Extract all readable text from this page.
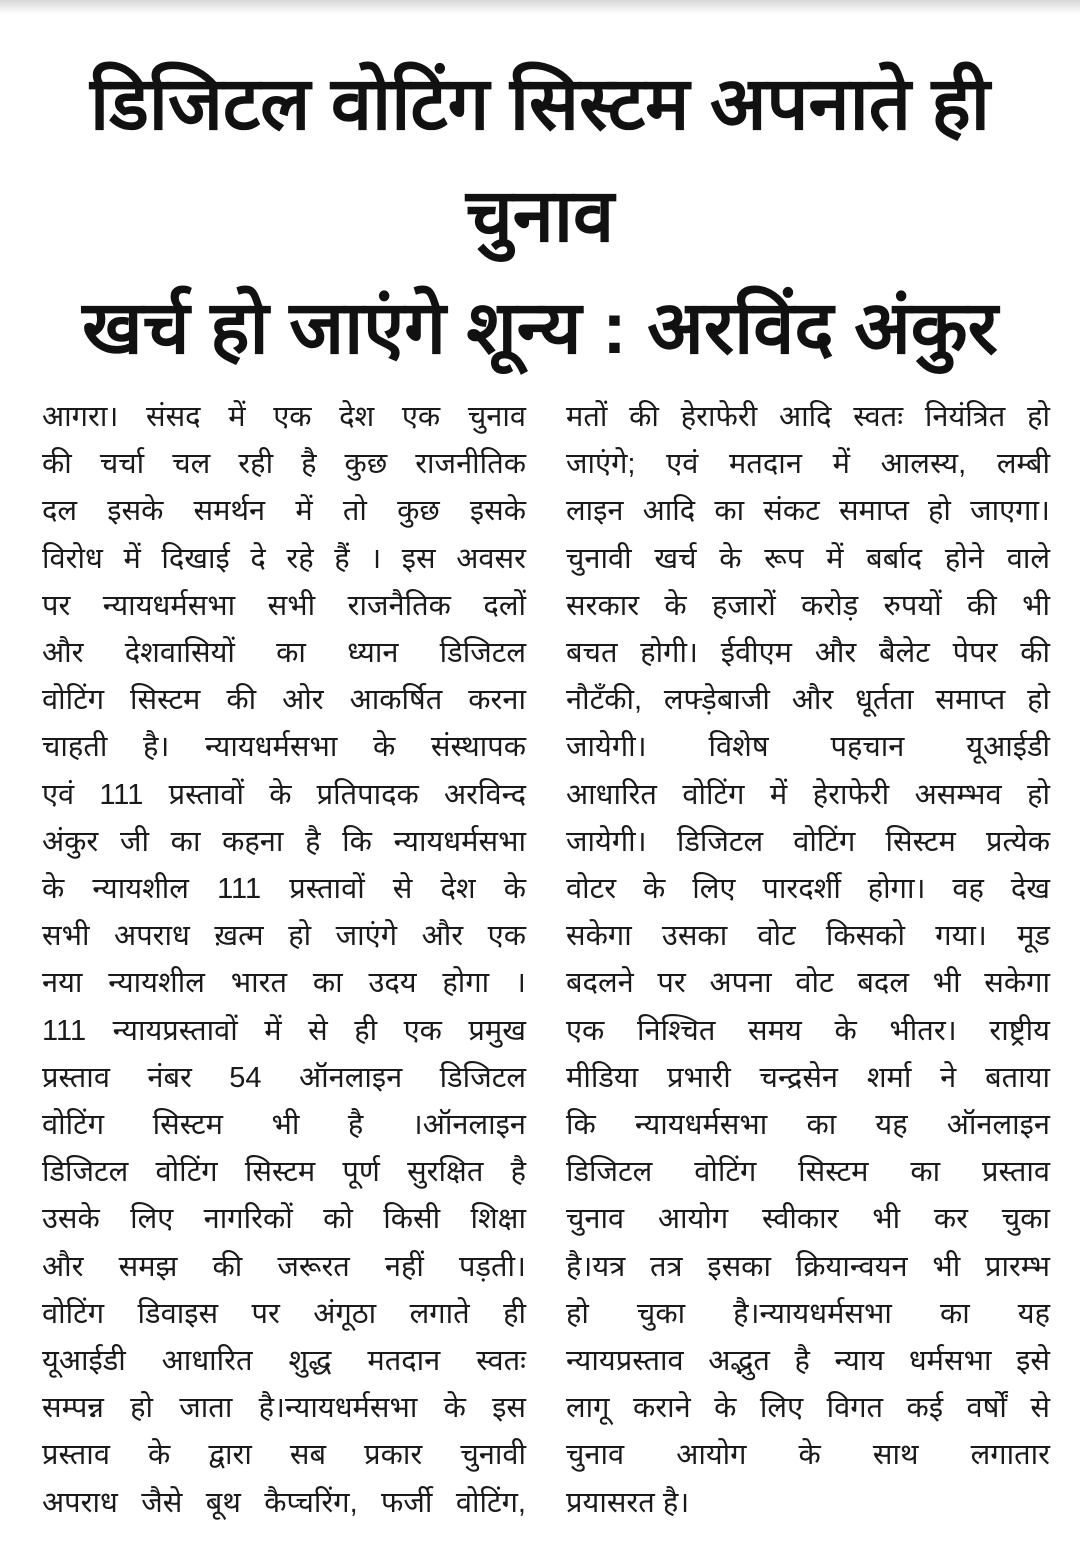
डिजिटल वोटिंग सिस्टम अपनाते ही चुनाव
खर्च हो जाएंगे शून्य : अरविंद अंकुर
आगरा। संसद में एक देश एक चुनाव
की चर्चा चल रही है कुछ राजनीतिक
दल इसके समर्थन में तो कुछ इसके
विरोध में दिखाई दे रहे हैं । इस अवसर
पर न्यायधर्मसभा सभी राजनैतिक दलों
और देशवासियों का ध्यान डिजिटल
वोटिंग सिस्टम की ओर आकर्षित करना
चाहती है। न्यायधर्मसभा के संस्थापक
एवं 111 प्रस्तावों के प्रतिपादक अरविन्द
अंकुर जी का कहना है कि न्यायधर्मसभा
के न्यायशील 111 प्रस्तावों से देश के
सभी अपराध ख़त्म हो जाएंगे और एक
नया न्यायशील भारत का उदय होगा ।
111 न्यायप्रस्तावों में से ही एक प्रमुख
प्रस्ताव नंबर 54 ऑनलाइन डिजिटल
वोटिंग सिस्टम भी है ।ऑनलाइन
डिजिटल वोटिंग सिस्टम पूर्ण सुरक्षित है
उसके लिए नागरिकों को किसी शिक्षा
और समझ की जरूरत नहीं पड़ती।
वोटिंग डिवाइस पर अंगूठा लगाते ही
यूआईडी आधारित शुद्ध मतदान स्वतः
सम्पन्न हो जाता है।न्यायधर्मसभा के इस
प्रस्ताव के द्वारा सब प्रकार चुनावी
अपराध जैसे बूथ कैप्चरिंग, फर्जी वोटिंग,
मतों की हेराफेरी आदि स्वतः नियंत्रित हो
जाएंगे; एवं मतदान में आलस्य, लम्बी
लाइन आदि का संकट समाप्त हो जाएगा।
चुनावी खर्च के रूप में बर्बाद होने वाले
सरकार के हजारों करोड़ रुपयों की भी
बचत होगी। ईवीएम और बैलेट पेपर की
नौटँकी, लफ्ड़ेबाजी और धूर्तता समाप्त हो
जायेगी। विशेष पहचान यूआईडी
आधारित वोटिंग में हेराफेरी असम्भव हो
जायेगी। डिजिटल वोटिंग सिस्टम प्रत्येक
वोटर के लिए पारदर्शी होगा। वह देख
सकेगा उसका वोट किसको गया। मूड
बदलने पर अपना वोट बदल भी सकेगा
एक निश्चित समय के भीतर। राष्ट्रीय
मीडिया प्रभारी चन्द्रसेन शर्मा ने बताया
कि न्यायधर्मसभा का यह ऑनलाइन
डिजिटल वोटिंग सिस्टम का प्रस्ताव
चुनाव आयोग स्वीकार भी कर चुका
है।यत्र तत्र इसका क्रियान्वयन भी प्रारम्भ
हो चुका है।न्यायधर्मसभा का यह
न्यायप्रस्ताव अद्भुत है न्याय धर्मसभा इसे
लागू कराने के लिए विगत कई वर्षों से
चुनाव आयोग के साथ लगातार
प्रयासरत है।
